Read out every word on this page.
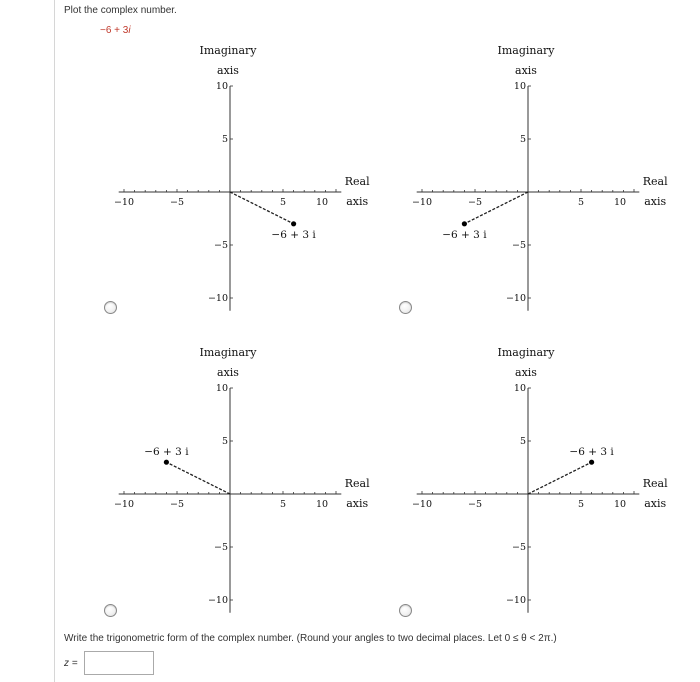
Plot the complex number.
−6 + 3i
Imaginary
axis
Real
axis
−10	−5	5	10
10
5
−5
−10
−6 + 3 i
Imaginary
axis
Real
axis
−10	−5	5	10
10
5
−5
−10
−6 + 3 i
Imaginary
axis
Real
axis
−10	−5	5	10
10
5
−5
−10
−6 + 3 i
Imaginary
axis
Real
axis
−10	−5	5	10
10
5
−5
−10
−6 + 3 i
Write the trigonometric form of the complex number. (Round your angles to two decimal places. Let 0 ≤ θ < 2π.)
z =
